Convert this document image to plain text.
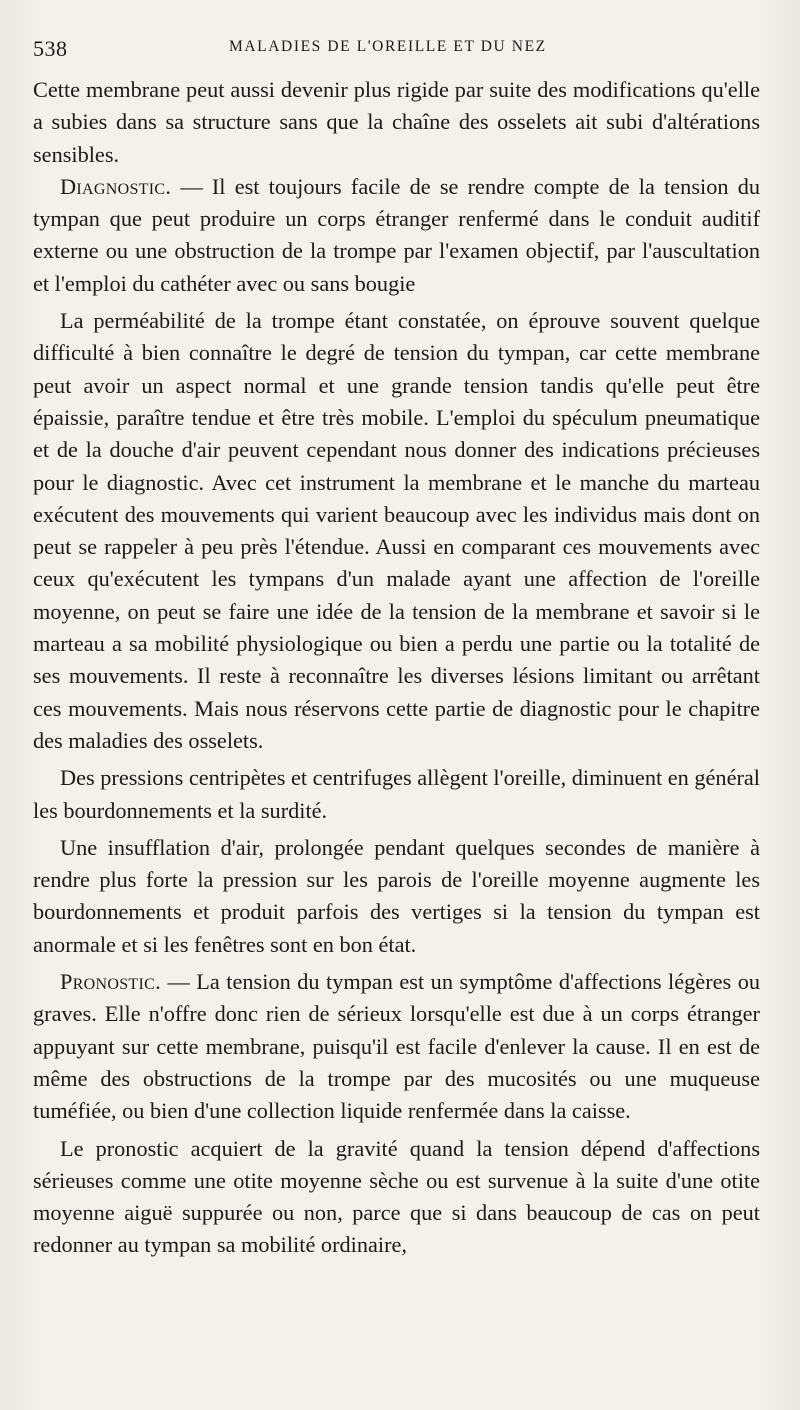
538	MALADIES DE L'OREILLE ET DU NEZ

Cette membrane peut aussi devenir plus rigide par suite des modifications qu'elle a subies dans sa structure sans que la chaîne des osselets ait subi d'altérations sensibles.

Diagnostic. — Il est toujours facile de se rendre compte de la tension du tympan que peut produire un corps étranger renfermé dans le conduit auditif externe ou une obstruction de la trompe par l'examen objectif, par l'auscultation et l'emploi du cathéter avec ou sans bougie

La perméabilité de la trompe étant constatée, on éprouve souvent quelque difficulté à bien connaître le degré de tension du tympan, car cette membrane peut avoir un aspect normal et une grande tension tandis qu'elle peut être épaissie, paraître tendue et être très mobile. L'emploi du spéculum pneumatique et de la douche d'air peuvent cependant nous donner des indications précieuses pour le diagnostic. Avec cet instrument la membrane et le manche du marteau exécutent des mouvements qui varient beaucoup avec les individus mais dont on peut se rappeler à peu près l'étendue. Aussi en comparant ces mouvements avec ceux qu'exécutent les tympans d'un malade ayant une affection de l'oreille moyenne, on peut se faire une idée de la tension de la membrane et savoir si le marteau a sa mobilité physiologique ou bien a perdu une partie ou la totalité de ses mouvements. Il reste à reconnaître les diverses lésions limitant ou arrêtant ces mouvements. Mais nous réservons cette partie de diagnostic pour le chapitre des maladies des osselets.

Des pressions centripètes et centrifuges allègent l'oreille, diminuent en général les bourdonnements et la surdité.

Une insufflation d'air, prolongée pendant quelques secondes de manière à rendre plus forte la pression sur les parois de l'oreille moyenne augmente les bourdonnements et produit parfois des vertiges si la tension du tympan est anormale et si les fenêtres sont en bon état.

Pronostic. — La tension du tympan est un symptôme d'affections légères ou graves. Elle n'offre donc rien de sérieux lorsqu'elle est due à un corps étranger appuyant sur cette membrane, puisqu'il est facile d'enlever la cause. Il en est de même des obstructions de la trompe par des mucosités ou une muqueuse tuméfiée, ou bien d'une collection liquide renfermée dans la caisse.

Le pronostic acquiert de la gravité quand la tension dépend d'affections sérieuses comme une otite moyenne sèche ou est survenue à la suite d'une otite moyenne aiguë suppurée ou non, parce que si dans beaucoup de cas on peut redonner au tympan sa mobilité ordinaire,
